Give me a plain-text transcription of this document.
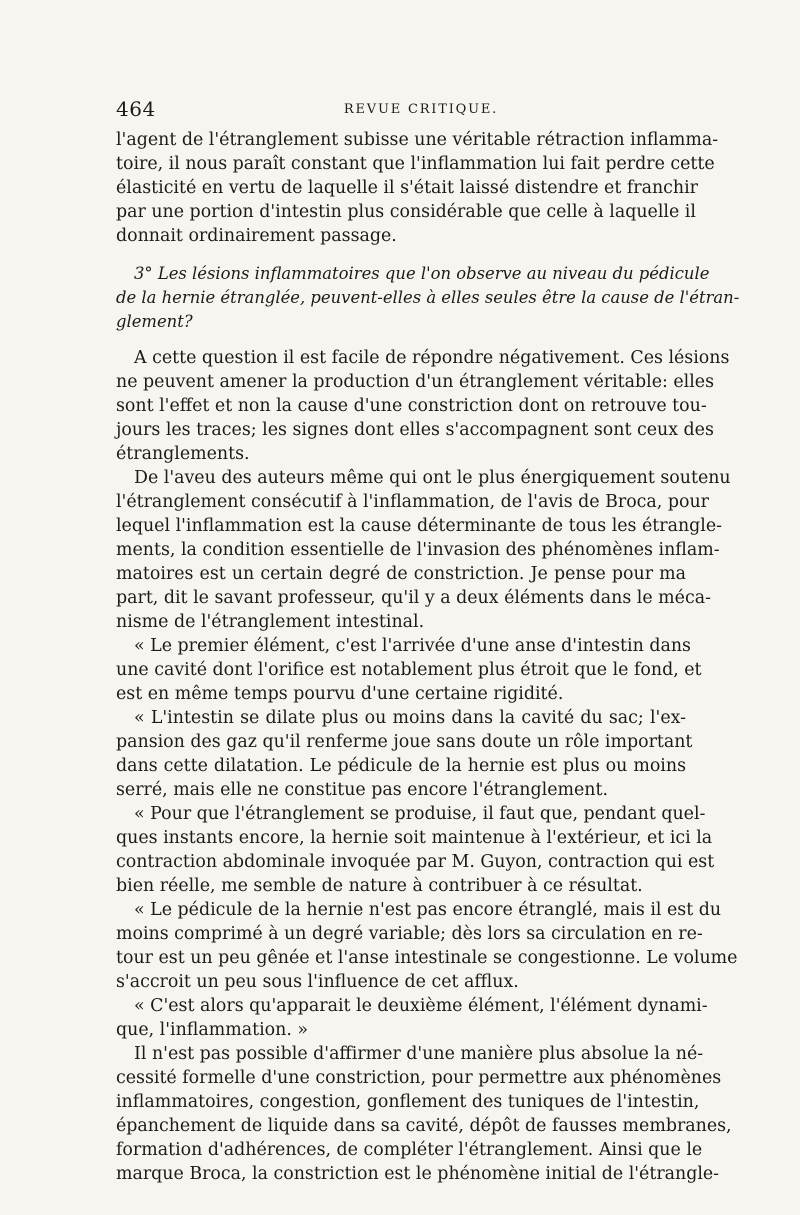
464	REVUE CRITIQUE.
l'agent de l'étranglement subisse une véritable rétraction inflamma-
toire, il nous paraît constant que l'inflammation lui fait perdre cette
élasticité en vertu de laquelle il s'était laissé distendre et franchir
par une portion d'intestin plus considérable que celle à laquelle il
donnait ordinairement passage.
3° Les lésions inflammatoires que l'on observe au niveau du pédicule
de la hernie étranglée, peuvent-elles à elles seules être la cause de l'étran-
glement?
A cette question il est facile de répondre négativement. Ces lésions
ne peuvent amener la production d'un étranglement véritable: elles
sont l'effet et non la cause d'une constriction dont on retrouve tou-
jours les traces; les signes dont elles s'accompagnent sont ceux des
étranglements.
De l'aveu des auteurs même qui ont le plus énergiquement soutenu
l'étranglement consécutif à l'inflammation, de l'avis de Broca, pour
lequel l'inflammation est la cause déterminante de tous les étrangle-
ments, la condition essentielle de l'invasion des phénomènes inflam-
matoires est un certain degré de constriction. Je pense pour ma
part, dit le savant professeur, qu'il y a deux éléments dans le méca-
nisme de l'étranglement intestinal.
« Le premier élément, c'est l'arrivée d'une anse d'intestin dans
une cavité dont l'orifice est notablement plus étroit que le fond, et
est en même temps pourvu d'une certaine rigidité.
« L'intestin se dilate plus ou moins dans la cavité du sac; l'ex-
pansion des gaz qu'il renferme joue sans doute un rôle important
dans cette dilatation. Le pédicule de la hernie est plus ou moins
serré, mais elle ne constitue pas encore l'étranglement.
« Pour que l'étranglement se produise, il faut que, pendant quel-
ques instants encore, la hernie soit maintenue à l'extérieur, et ici la
contraction abdominale invoquée par M. Guyon, contraction qui est
bien réelle, me semble de nature à contribuer à ce résultat.
« Le pédicule de la hernie n'est pas encore étranglé, mais il est du
moins comprimé à un degré variable; dès lors sa circulation en re-
tour est un peu gênée et l'anse intestinale se congestionne. Le volume
s'accroit un peu sous l'influence de cet afflux.
« C'est alors qu'apparait le deuxième élément, l'élément dynami-
que, l'inflammation. »
Il n'est pas possible d'affirmer d'une manière plus absolue la né-
cessité formelle d'une constriction, pour permettre aux phénomènes
inflammatoires, congestion, gonflement des tuniques de l'intestin,
épanchement de liquide dans sa cavité, dépôt de fausses membranes,
formation d'adhérences, de compléter l'étranglement. Ainsi que le
marque Broca, la constriction est le phénomène initial de l'étrangle-
